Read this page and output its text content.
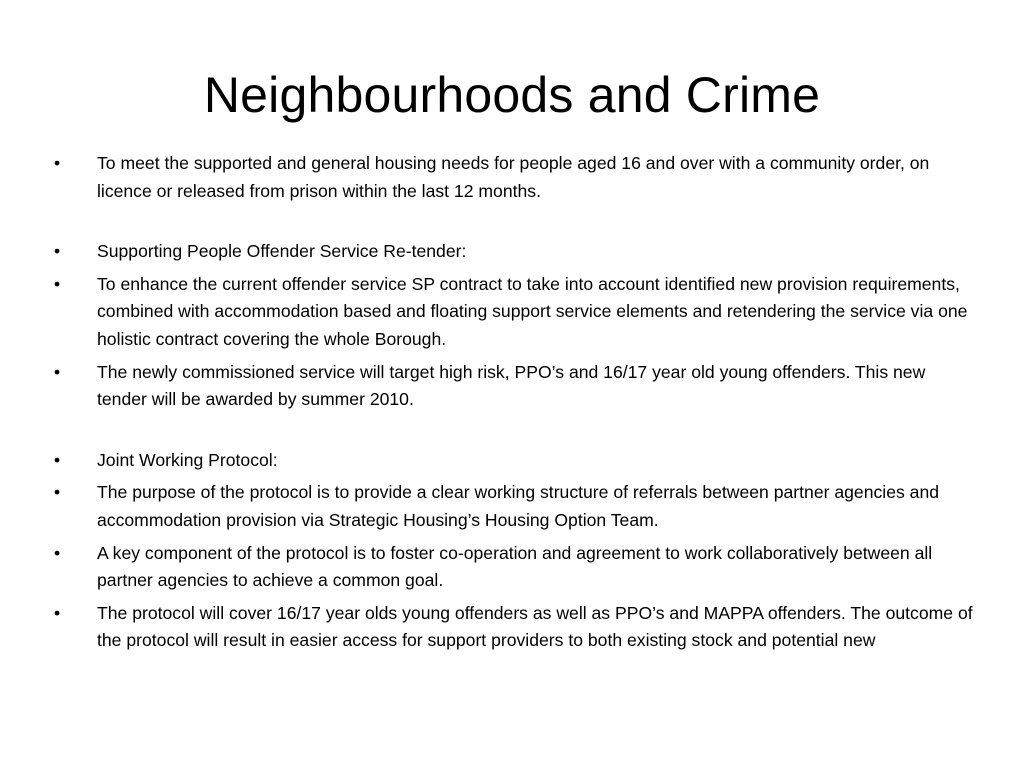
Neighbourhoods and Crime
•	To meet the supported and general housing needs for people aged 16 and over with a community order, on licence or released from prison within the last 12 months.
•	Supporting People Offender Service Re-tender:
•	To enhance the current offender service SP contract to take into account identified new provision requirements, combined with accommodation based and floating support service elements and retendering the service via one holistic contract covering the whole Borough.
•	The newly commissioned service will target high risk, PPO’s and 16/17 year old young offenders. This new tender will be awarded by summer 2010.
•	Joint Working Protocol:
•	The purpose of the protocol is to provide a clear working structure of referrals between partner agencies and accommodation provision via Strategic Housing’s Housing Option Team.
•	A key component of the protocol is to foster co-operation and agreement to work collaboratively between all partner agencies to achieve a common goal.
•	The protocol will cover 16/17 year olds young offenders as well as PPO’s and MAPPA offenders. The outcome of the protocol will result in easier access for support providers to both existing stock and potential new
